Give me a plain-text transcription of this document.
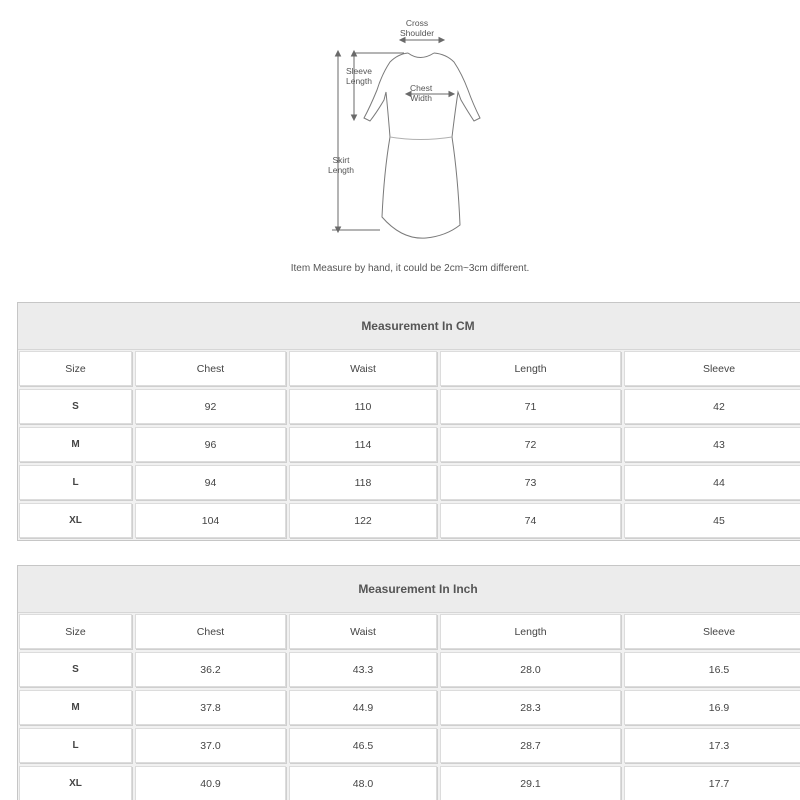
Cross
Shoulder
Sleeve
Length
Chest
Width
Skirt
Length
Item Measure by hand, it could be 2cm~3cm different.
Measurement In CM
Size	Chest	Waist	Length	Sleeve
S	92	110	71	42
M	96	114	72	43
L	94	118	73	44
XL	104	122	74	45
Measurement In Inch
Size	Chest	Waist	Length	Sleeve
S	36.2	43.3	28.0	16.5
M	37.8	44.9	28.3	16.9
L	37.0	46.5	28.7	17.3
XL	40.9	48.0	29.1	17.7
